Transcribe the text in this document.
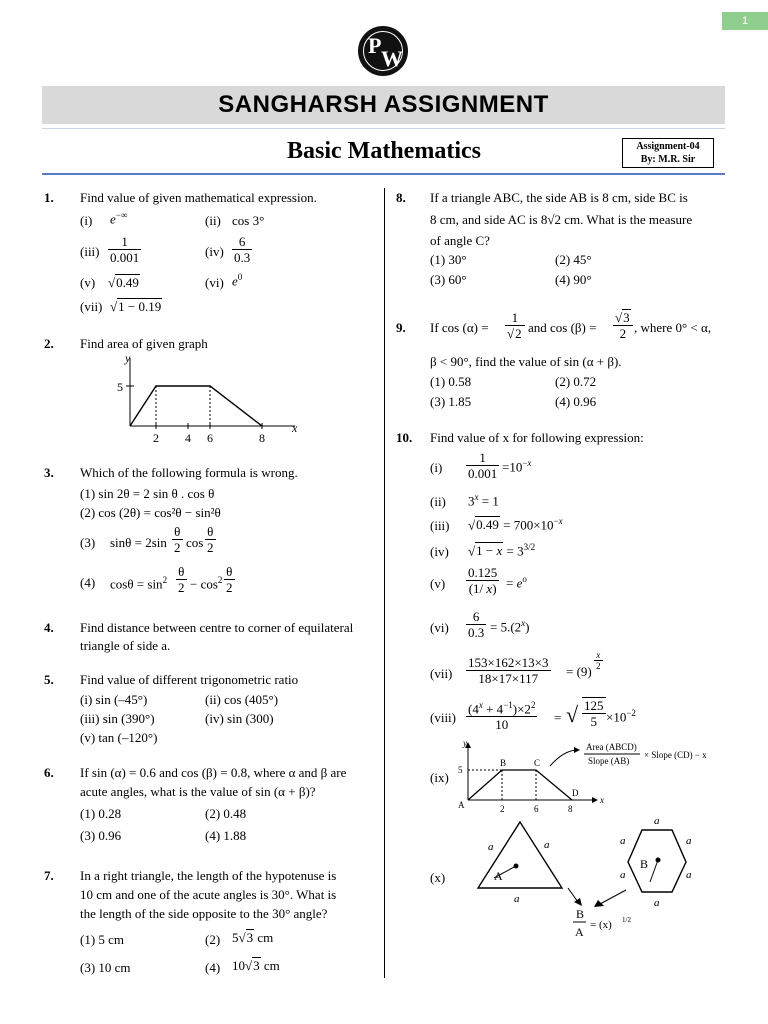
1
P
W
SANGHARSH ASSIGNMENT
Basic Mathematics	Assignment-04
By: M.R. Sir
1. Find value of given mathematical expression.
(i) e−∞	(ii) cos 3°
$(iii) \frac{1}{0.001}$	$(iv) \frac{6}{0.3}$
(v) √0.49	(vi) $e^0$
(vii) √1 − 0.19
2. Find area of given graph
y
x
5
2 4 6	8
3. Which of the following formula is wrong.
(1) sin 2θ = 2 sin θ . cos θ
(2) cos (2θ) = cos²θ − sin²θ
(3) $\sin\theta = 2\sin \frac{\theta}{2}$ $\cos \frac{\theta}{2}$
(4) $\cos\theta = \sin^2 \frac{\theta}{2} - \cos^2 \frac{\theta}{2}$
4. Find distance between centre to corner of equilateral
triangle of side a.
5. Find value of different trigonometric ratio
(i) sin (–45°)	(ii) cos (405°)
(iii) sin (390°)	(iv) sin (300)
(v) tan (–120°)
6. If sin (α) = 0.6 and cos (β) = 0.8, where α and β are
acute angles, what is the value of sin (α + β)?
(1) 0.28	(2) 0.48
(3) 0.96	(4) 1.88
7. In a right triangle, the length of the hypotenuse is
10 cm and one of the acute angles is 30°. What is
the length of the side opposite to the 30° angle?
(1) 5 cm	(2) 5√3 cm
(3) 10 cm	(4) 10√3 cm
8. If a triangle ABC, the side AB is 8 cm, side BC is
8 cm, and side AC is 8√2 cm. What is the measure
of angle C?
(1) 30°	(2) 45°
(3) 60°	(4) 90°
9. If $\cos (\alpha) = \frac{1}{√2}$ and $\cos (\beta) = \frac{√3}{2}$ , where 0° < α,
β < 90°, find the value of sin (α + β).
(1) 0.58	(2) 0.72
(3) 1.85	(4) 0.96
10. Find value of x for following expression:
$(i) \frac{1}{0.001} =10^{-x}$
(ii) $3^x = 1$
(iii) $√0.49 = 700\times 10^{-x}$
(iv) $√1 - x = 3^{3/2}$
$(v) \frac{0.125}{(1/ x)} = e^o$
$(vi) \frac{6}{0.3} = 5.(2^x)$
$(vii) \frac{153\times 162\times 13\times 3}{18\times 17\times 117} = (9)$
$\frac{x}{2}$
(viii) $\frac{(4^x + 4^{-1})\times 2^2}{10}$ = √ $\frac{125}{5} \times 10^{-2}$
(ix)
y
x
5
A
B	C
D
2	6	8
Area (ABCD)
Slope (AB)
× Slope (CD) − x
(x)
a	a
a
A
a
a	a
a	a
a
B
B
A = (x) 1/2
